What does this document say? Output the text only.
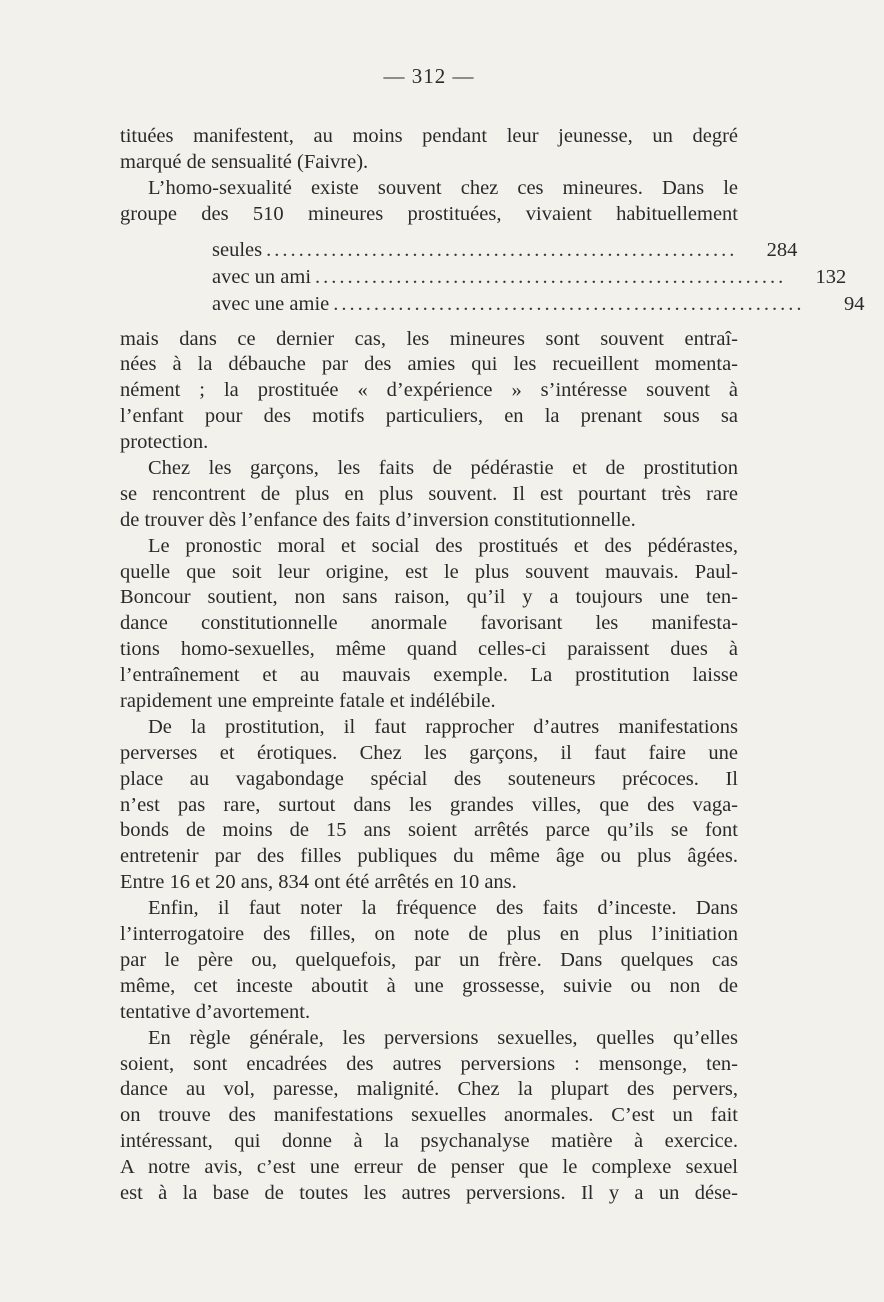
— 312 —
tituées manifestent, au moins pendant leur jeunesse, un degré
marqué de sensualité (Faivre).
L’homo-sexualité existe souvent chez ces mineures. Dans le
groupe des 510 mineures prostituées, vivaient habituellement
seules ..........................................................	284
avec un ami ..........................................................	132
avec une amie ..........................................................	94
mais dans ce dernier cas, les mineures sont souvent entraî-
nées à la débauche par des amies qui les recueillent momenta-
nément ; la prostituée « d’expérience » s’intéresse souvent à
l’enfant pour des motifs particuliers, en la prenant sous sa
protection.
Chez les garçons, les faits de pédérastie et de prostitution
se rencontrent de plus en plus souvent. Il est pourtant très rare
de trouver dès l’enfance des faits d’inversion constitutionnelle.
Le pronostic moral et social des prostitués et des pédérastes,
quelle que soit leur origine, est le plus souvent mauvais. Paul-
Boncour soutient, non sans raison, qu’il y a toujours une ten-
dance constitutionnelle anormale favorisant les manifesta-
tions homo-sexuelles, même quand celles-ci paraissent dues à
l’entraînement et au mauvais exemple. La prostitution laisse
rapidement une empreinte fatale et indélébile.
De la prostitution, il faut rapprocher d’autres manifestations
perverses et érotiques. Chez les garçons, il faut faire une
place au vagabondage spécial des souteneurs précoces. Il
n’est pas rare, surtout dans les grandes villes, que des vaga-
bonds de moins de 15 ans soient arrêtés parce qu’ils se font
entretenir par des filles publiques du même âge ou plus âgées.
Entre 16 et 20 ans, 834 ont été arrêtés en 10 ans.
Enfin, il faut noter la fréquence des faits d’inceste. Dans
l’interrogatoire des filles, on note de plus en plus l’initiation
par le père ou, quelquefois, par un frère. Dans quelques cas
même, cet inceste aboutit à une grossesse, suivie ou non de
tentative d’avortement.
En règle générale, les perversions sexuelles, quelles qu’elles
soient, sont encadrées des autres perversions : mensonge, ten-
dance au vol, paresse, malignité. Chez la plupart des pervers,
on trouve des manifestations sexuelles anormales. C’est un fait
intéressant, qui donne à la psychanalyse matière à exercice.
A notre avis, c’est une erreur de penser que le complexe sexuel
est à la base de toutes les autres perversions. Il y a un dése-
